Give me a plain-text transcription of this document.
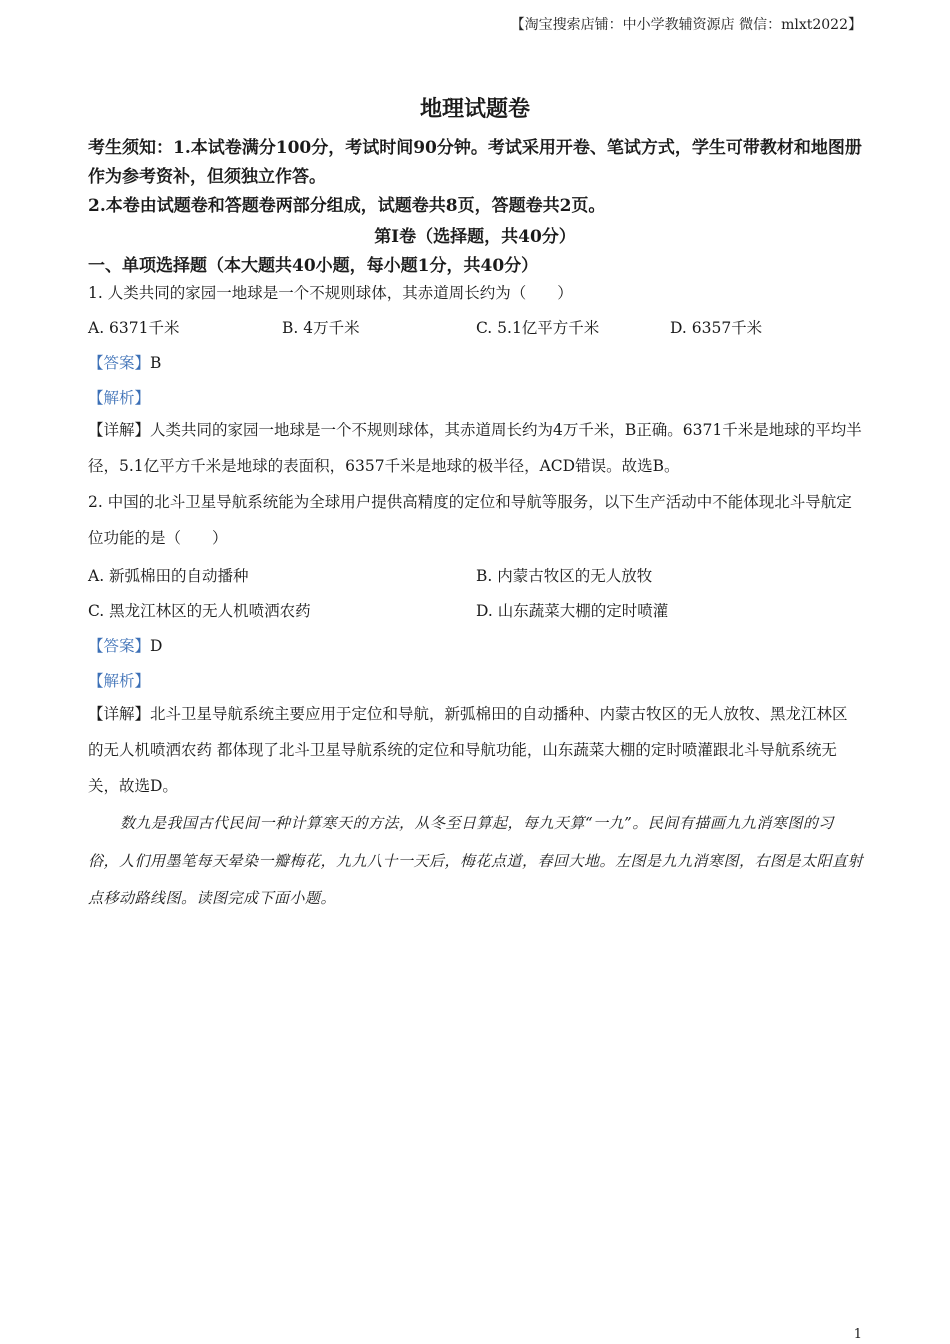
【淘宝搜索店铺：中小学教辅资源店 微信：mlxt2022】
地理试题卷

考生须知：1.本试卷满分100分，考试时间90分钟。考试采用开卷、笔试方式，学生可带教材和地图册作为参考资补，但须独立作答。

2.本卷由试题卷和答题卷两部分组成，试题卷共8页，答题卷共2页。

第Ⅰ卷（选择题，共40分）
一、单项选择题（本大题共40小题，每小题1分，共40分）
1. 人类共同的家园一地球是一个不规则球体，其赤道周长约为（　　）
A. 6371千米	B. 4万千米	C. 5.1亿平方千米	D. 6357千米
【答案】B
【解析】
【详解】人类共同的家园一地球是一个不规则球体，其赤道周长约为4万千米，B正确。6371千米是地球的平均半径，5.1亿平方千米是地球的表面积，6357千米是地球的极半径，ACD错误。故选B。
2. 中国的北斗卫星导航系统能为全球用户提供高精度的定位和导航等服务，以下生产活动中不能体现北斗导航定位功能的是（　　）
A. 新弧棉田的自动播种	B. 内蒙古牧区的无人放牧
C. 黑龙江林区的无人机喷洒农药	D. 山东蔬菜大棚的定时喷灌
【答案】D
【解析】
【详解】北斗卫星导航系统主要应用于定位和导航，新弧棉田的自动播种、内蒙古牧区的无人放牧、黑龙江林区的无人机喷洒农药 都体现了北斗卫星导航系统的定位和导航功能，山东蔬菜大棚的定时喷灌跟北斗导航系统无关，故选D。
数九是我国古代民间一种计算寒天的方法，从冬至日算起，每九天算“一九”。民间有描画九九消寒图的习俗，人们用墨笔每天晕染一瓣梅花，九九八十一天后，梅花点道，春回大地。左图是九九消寒图，右图是太阳直射点移动路线图。读图完成下面小题。
1
